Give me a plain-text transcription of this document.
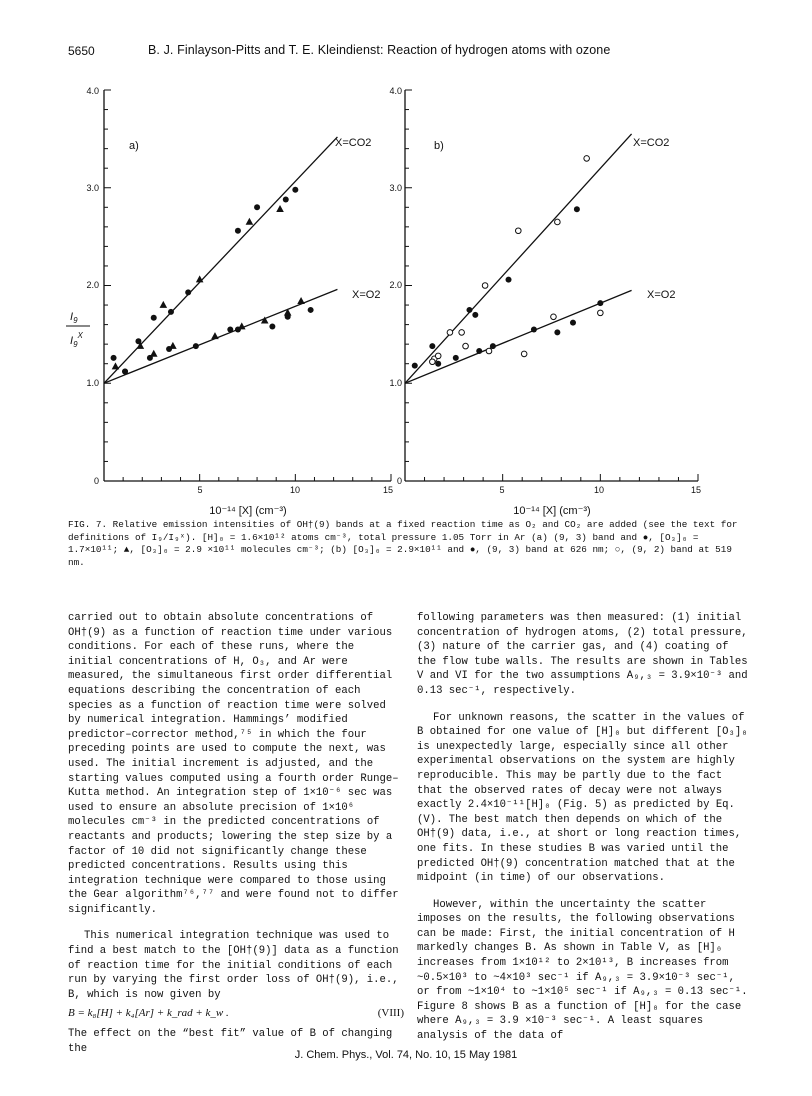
5650	B. J. Finlayson-Pitts and T. E. Kleindienst: Reaction of hydrogen atoms with ozone
4.0
3.0
2.0
1.0
0
5	10	15
a)	X=CO2
X=O2
10⁻¹⁴ [X] (cm⁻³)
$I_9$
$I_9^X$
4.0
3.0
2.0
1.0
0
5	10	15
b)	X=CO2
X=O2
10⁻¹⁴ [X] (cm⁻³)
FIG. 7. Relative emission intensities of OH†(9) bands at a fixed reaction time as O₂ and CO₂ are added (see the text for definitions of I₉/I₉ˣ). [H]₀ = 1.6×10¹² atoms cm⁻³, total pressure 1.05 Torr in Ar (a) (9, 3) band and ●, [O₃]₀ = 1.7×10¹¹; ▲, [O₃]₀ = 2.9 ×10¹¹ molecules cm⁻³; (b) [O₃]₀ = 2.9×10¹¹ and ●, (9, 3) band at 626 nm; ○, (9, 2) band at 519 nm.

carried out to obtain absolute concentrations of OH†(9) as a function of reaction time under various conditions. For each of these runs, where the initial concentrations of H, O₃, and Ar were measured, the simultaneous first order differential equations describing the concentration of each species as a function of reaction time were solved by numerical integration. Hammings’ modified predictor–corrector method,⁷⁵ in which the four preceding points are used to compute the next, was used. The initial increment is adjusted, and the starting values computed using a fourth order Runge–Kutta method. An integration step of 1×10⁻⁶ sec was used to ensure an absolute precision of 1×10⁶ molecules cm⁻³ in the predicted concentrations of reactants and products; lowering the step size by a factor of 10 did not significantly change these predicted concentrations. Results using this integration technique were compared to those using the Gear algorithm⁷⁶,⁷⁷ and were found not to differ significantly.

This numerical integration technique was used to find a best match to the [OH†(9)] data as a function of reaction time for the initial conditions of each run by varying the first order loss of OH†(9), i.e., B, which is now given by

B = k₈[H] + k₄[Ar] + k_rad + k_w .	(VIII)

The effect on the “best fit” value of B of changing the

following parameters was then measured: (1) initial concentration of hydrogen atoms, (2) total pressure, (3) nature of the carrier gas, and (4) coating of the flow tube walls. The results are shown in Tables V and VI for the two assumptions A₉,₃ = 3.9×10⁻³ and 0.13 sec⁻¹, respectively.

For unknown reasons, the scatter in the values of B obtained for one value of [H]₀ but different [O₃]₀ is unexpectedly large, especially since all other experimental observations on the system are highly reproducible. This may be partly due to the fact that the observed rates of decay were not always exactly 2.4×10⁻¹¹[H]₀ (Fig. 5) as predicted by Eq. (V). The best match then depends on which of the OH†(9) data, i.e., at short or long reaction times, one fits. In these studies B was varied until the predicted OH†(9) concentration matched that at the midpoint (in time) of our observations.

However, within the uncertainty the scatter imposes on the results, the following observations can be made: First, the initial concentration of H markedly changes B. As shown in Table V, as [H]₀ increases from 1×10¹² to 2×10¹³, B increases from ~0.5×10³ to ~4×10³ sec⁻¹ if A₉,₃ = 3.9×10⁻³ sec⁻¹, or from ~1×10⁴ to ~1×10⁵ sec⁻¹ if A₉,₃ = 0.13 sec⁻¹. Figure 8 shows B as a function of [H]₀ for the case where A₉,₃ = 3.9 ×10⁻³ sec⁻¹. A least squares analysis of the data of

J. Chem. Phys., Vol. 74, No. 10, 15 May 1981
